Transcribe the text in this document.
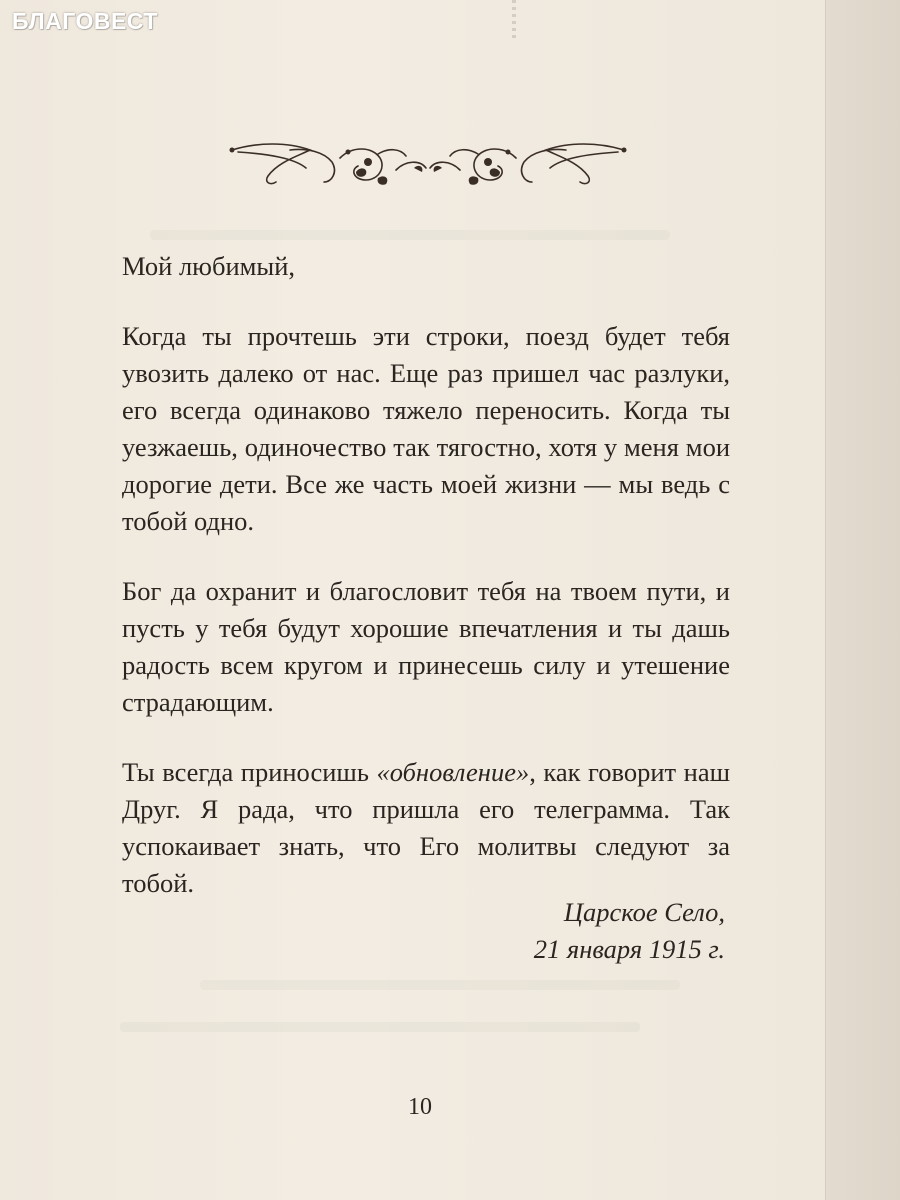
БЛАГОВЕСТ

Мой любимый,

Когда ты прочтешь эти строки, поезд будет тебя увозить далеко от нас. Еще раз пришел час разлуки, его всегда одинаково тяжело переносить. Когда ты уезжаешь, одиночество так тягостно, хотя у меня мои дорогие дети. Все же часть моей жизни — мы ведь с тобой одно.

Бог да охранит и благословит тебя на твоем пути, и пусть у тебя будут хорошие впечатления и ты дашь радость всем кругом и принесешь силу и утешение страдающим.

Ты всегда приносишь «обновление», как говорит наш Друг. Я рада, что пришла его телеграмма. Так успокаивает знать, что Его молитвы следуют за тобой.

Царское Село,
21 января 1915 г.
10
